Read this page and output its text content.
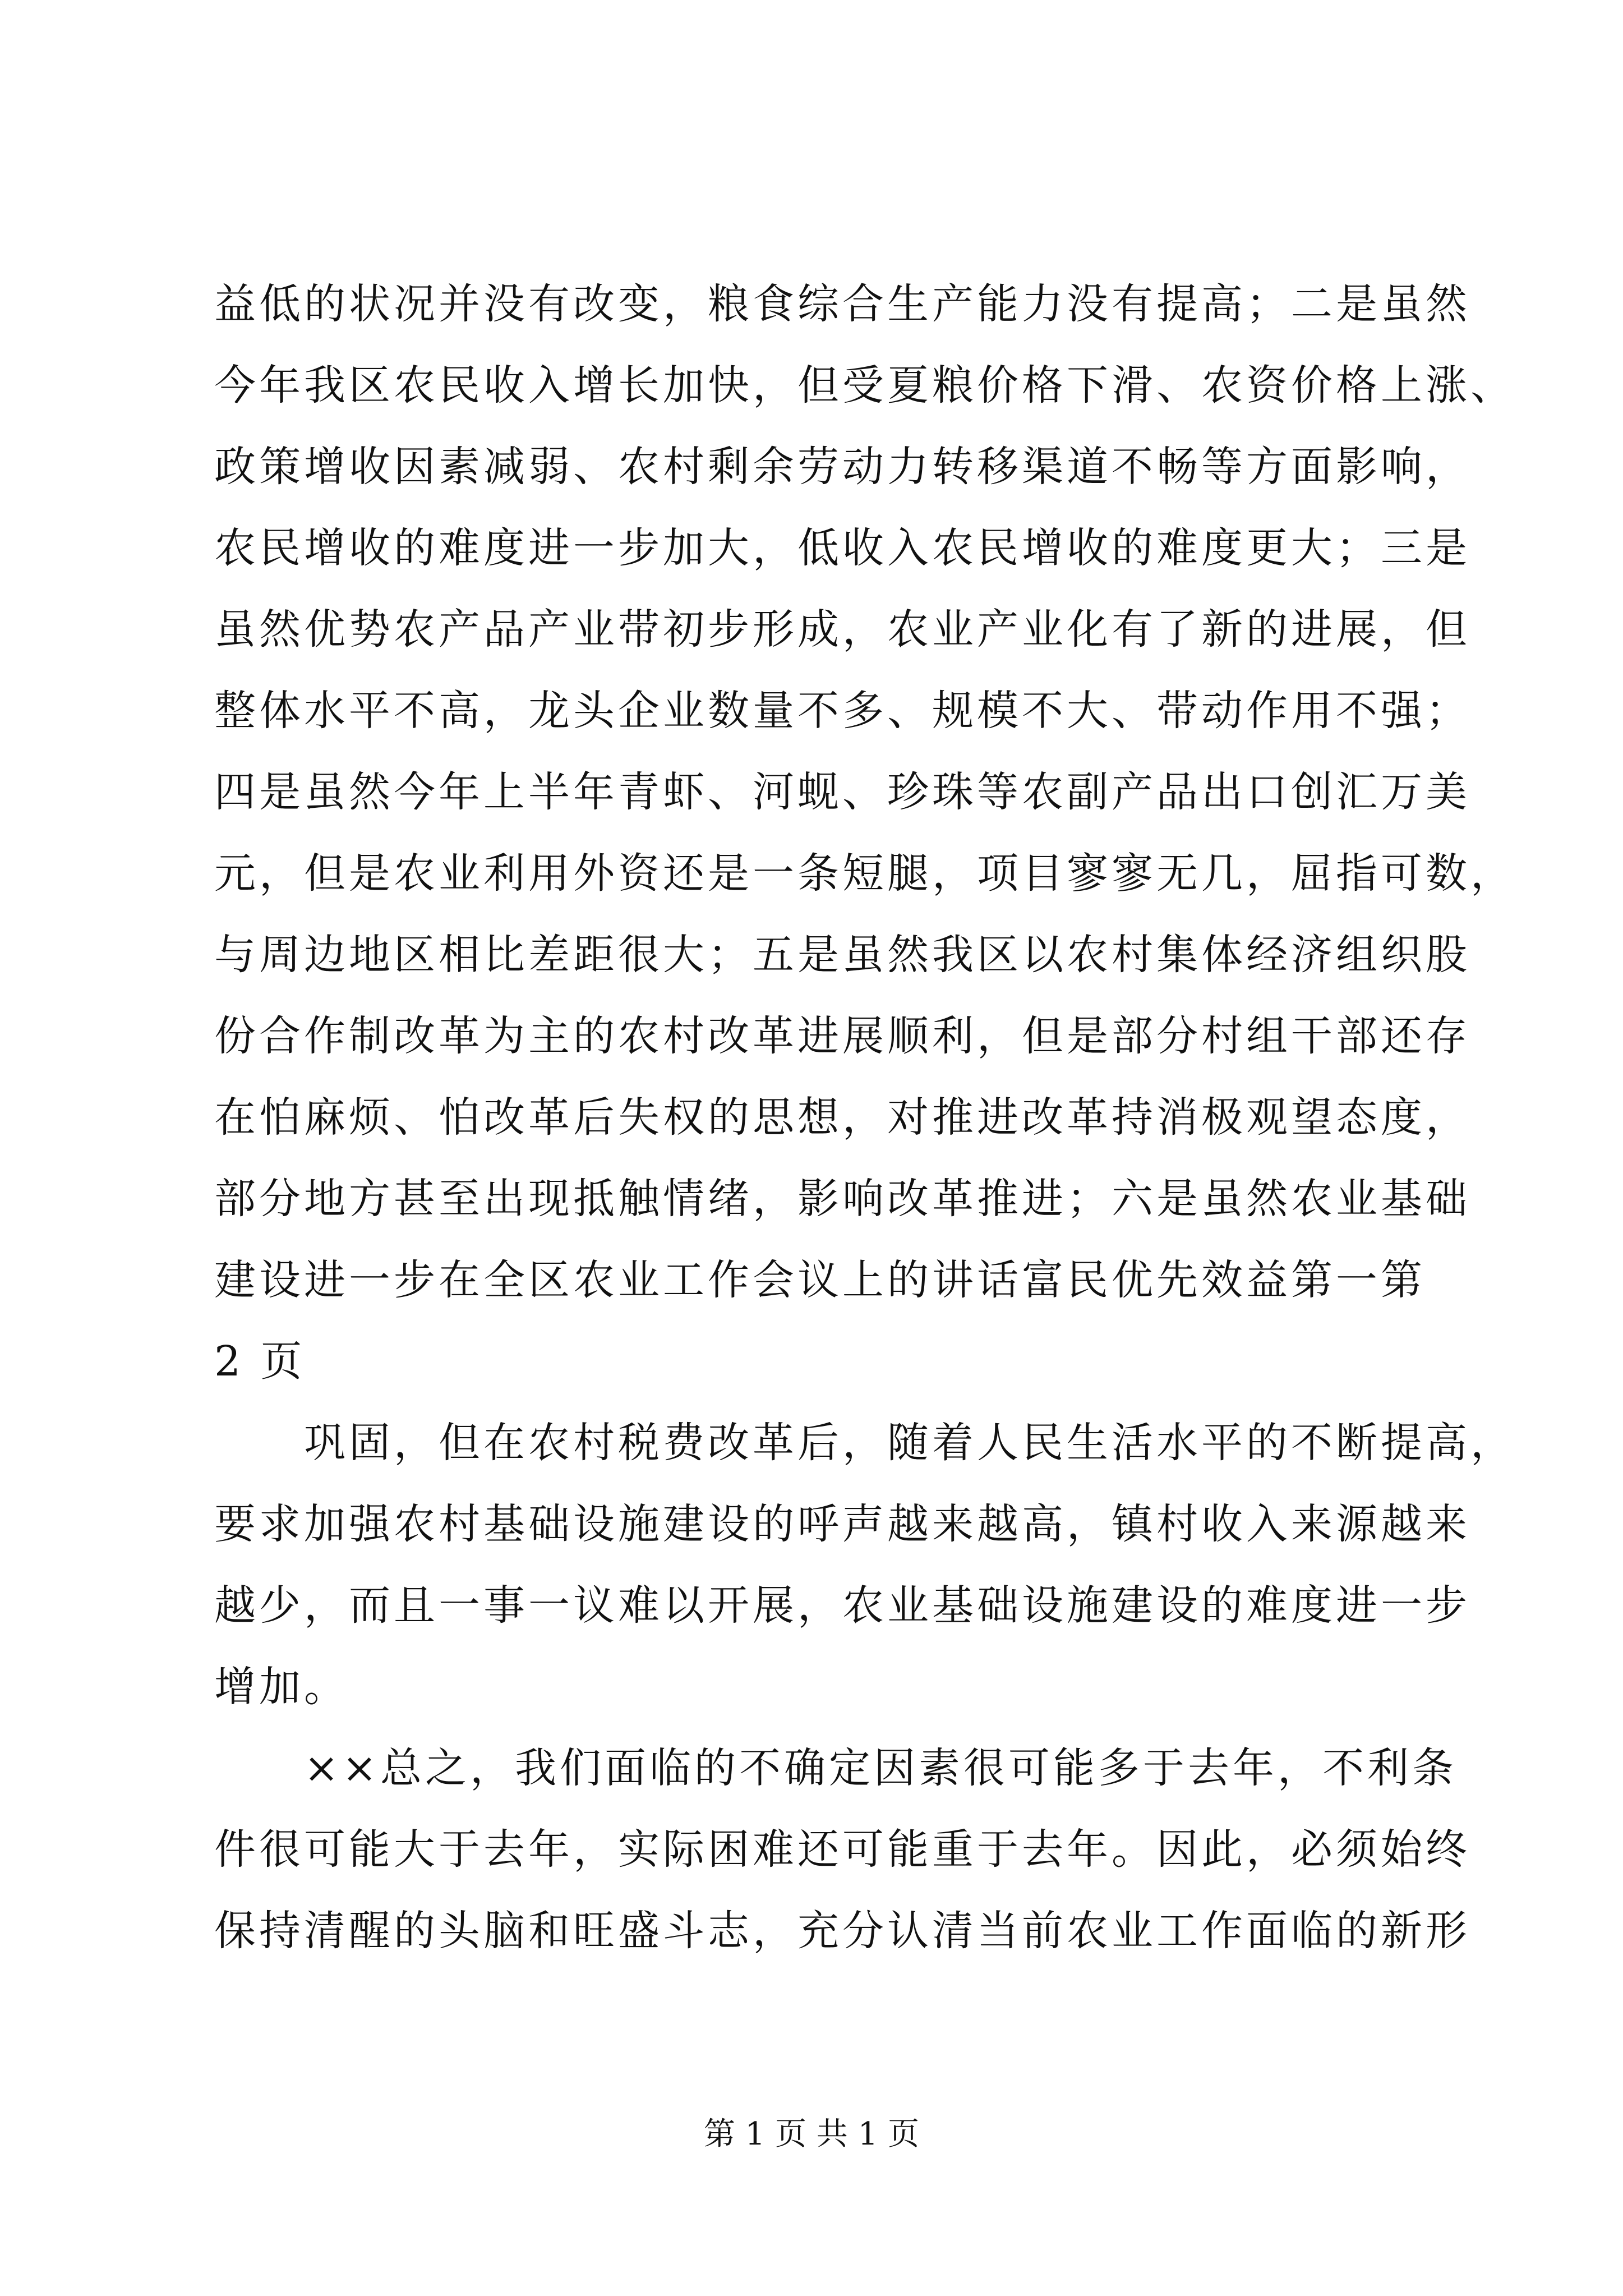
益低的状况并没有改变，粮食综合生产能力没有提高；二是虽然
今年我区农民收入增长加快，但受夏粮价格下滑、农资价格上涨、
政策增收因素减弱、农村剩余劳动力转移渠道不畅等方面影响，
农民增收的难度进一步加大，低收入农民增收的难度更大；三是
虽然优势农产品产业带初步形成，农业产业化有了新的进展，但
整体水平不高，龙头企业数量不多、规模不大、带动作用不强；
四是虽然今年上半年青虾、河蚬、珍珠等农副产品出口创汇万美
元，但是农业利用外资还是一条短腿，项目寥寥无几，屈指可数，
与周边地区相比差距很大；五是虽然我区以农村集体经济组织股
份合作制改革为主的农村改革进展顺利，但是部分村组干部还存
在怕麻烦、怕改革后失权的思想，对推进改革持消极观望态度，
部分地方甚至出现抵触情绪，影响改革推进；六是虽然农业基础
建设进一步在全区农业工作会议上的讲话富民优先效益第一第
2 页
　　巩固，但在农村税费改革后，随着人民生活水平的不断提高，
要求加强农村基础设施建设的呼声越来越高，镇村收入来源越来
越少，而且一事一议难以开展，农业基础设施建设的难度进一步
增加。
　　××总之，我们面临的不确定因素很可能多于去年，不利条
件很可能大于去年，实际困难还可能重于去年。因此，必须始终
保持清醒的头脑和旺盛斗志，充分认清当前农业工作面临的新形
第 1 页 共 1 页
